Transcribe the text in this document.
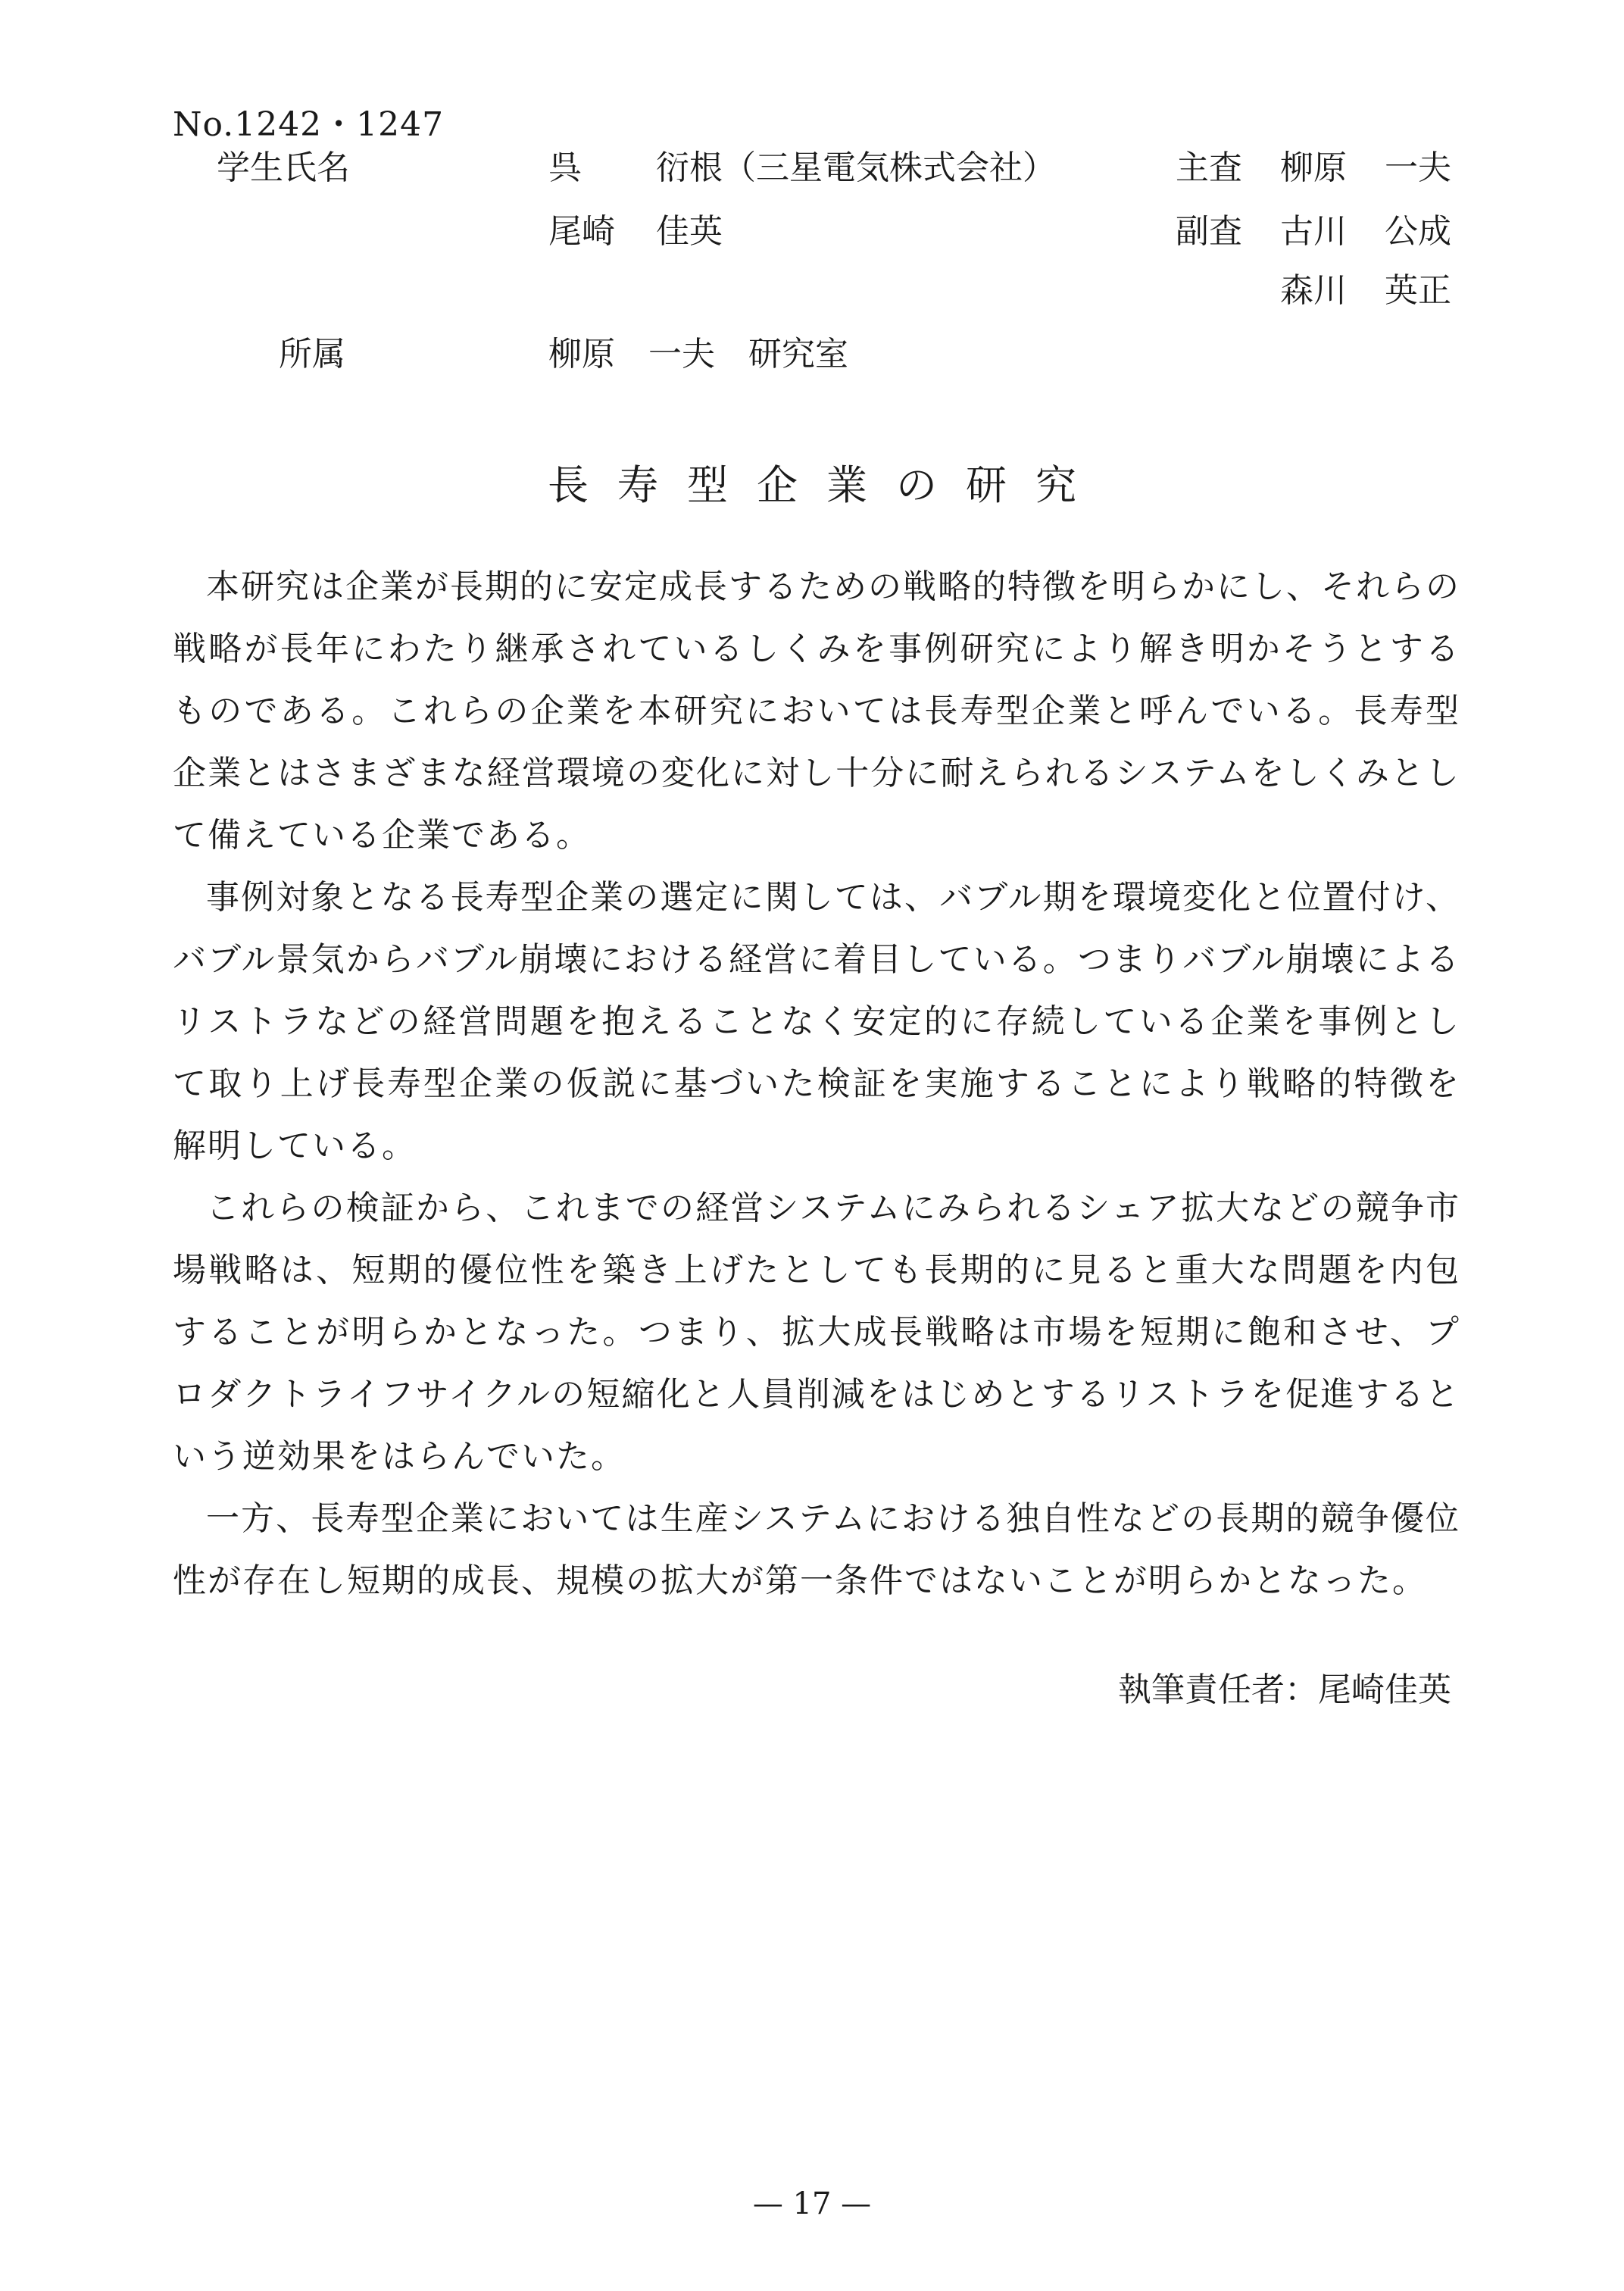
No.1242・1247
学生氏名	呉 衍根（三星電気株式会社）
尾崎 佳英
主査 柳原 一夫
副査 古川 公成
森川 英正
所属	柳原　一夫　研究室
長寿型企業の研究

本研究は企業が長期的に安定成長するための戦略的特徴を明らかにし、それらの戦略が長年にわたり継承されているしくみを事例研究により解き明かそうとするものである。これらの企業を本研究においては長寿型企業と呼んでいる。長寿型企業とはさまざまな経営環境の変化に対し十分に耐えられるシステムをしくみとして備えている企業である。

事例対象となる長寿型企業の選定に関しては、バブル期を環境変化と位置付け、バブル景気からバブル崩壊における経営に着目している。つまりバブル崩壊によるリストラなどの経営問題を抱えることなく安定的に存続している企業を事例として取り上げ長寿型企業の仮説に基づいた検証を実施することにより戦略的特徴を解明している。

これらの検証から、これまでの経営システムにみられるシェア拡大などの競争市場戦略は、短期的優位性を築き上げたとしても長期的に見ると重大な問題を内包することが明らかとなった。つまり、拡大成長戦略は市場を短期に飽和させ、プロダクトライフサイクルの短縮化と人員削減をはじめとするリストラを促進するという逆効果をはらんでいた。

一方、長寿型企業においては生産システムにおける独自性などの長期的競争優位性が存在し短期的成長、規模の拡大が第一条件ではないことが明らかとなった。

執筆責任者：尾崎佳英
— 17 —
